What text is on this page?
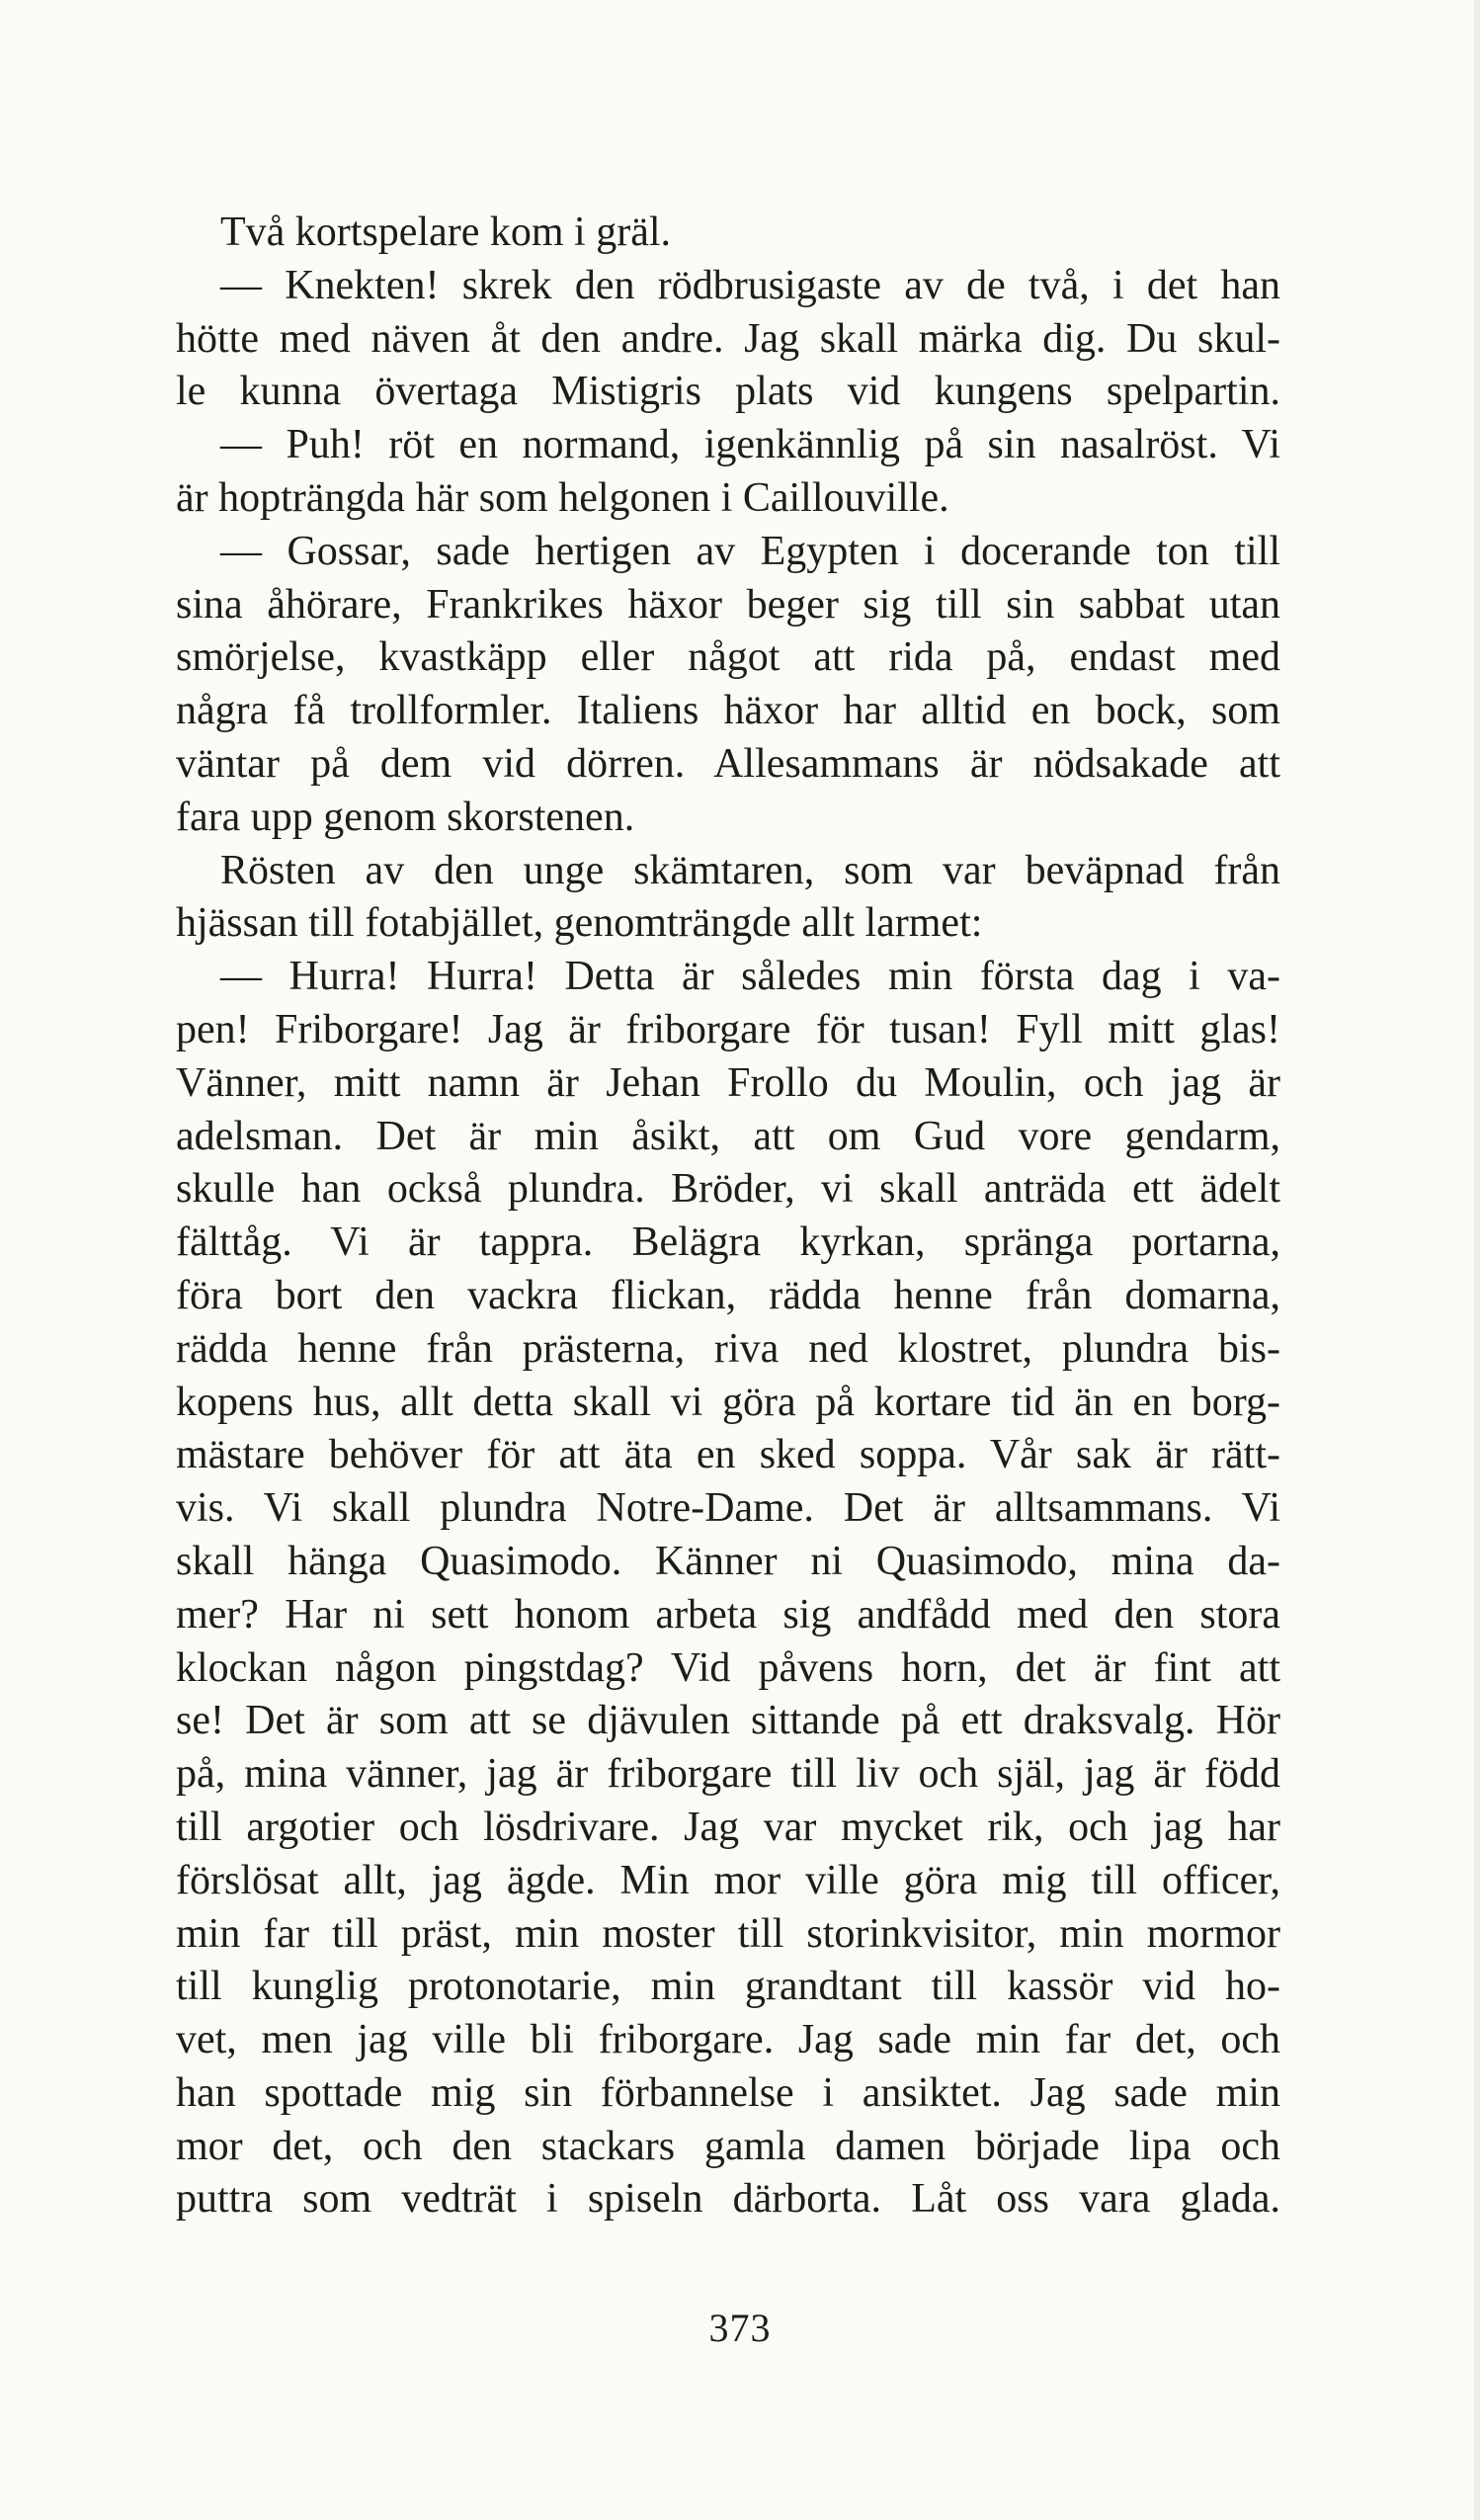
Två kortspelare kom i gräl.
— Knekten! skrek den rödbrusigaste av de två, i det han
hötte med näven åt den andre. Jag skall märka dig. Du skul-
le kunna övertaga Mistigris plats vid kungens spelpartin.
— Puh! röt en normand, igenkännlig på sin nasalröst. Vi
är hopträngda här som helgonen i Caillouville.
— Gossar, sade hertigen av Egypten i docerande ton till
sina åhörare, Frankrikes häxor beger sig till sin sabbat utan
smörjelse, kvastkäpp eller något att rida på, endast med
några få trollformler. Italiens häxor har alltid en bock, som
väntar på dem vid dörren. Allesammans är nödsakade att
fara upp genom skorstenen.
Rösten av den unge skämtaren, som var beväpnad från
hjässan till fotabjället, genomträngde allt larmet:
— Hurra! Hurra! Detta är således min första dag i va-
pen! Friborgare! Jag är friborgare för tusan! Fyll mitt glas!
Vänner, mitt namn är Jehan Frollo du Moulin, och jag är
adelsman. Det är min åsikt, att om Gud vore gendarm,
skulle han också plundra. Bröder, vi skall anträda ett ädelt
fälttåg. Vi är tappra. Belägra kyrkan, spränga portarna,
föra bort den vackra flickan, rädda henne från domarna,
rädda henne från prästerna, riva ned klostret, plundra bis-
kopens hus, allt detta skall vi göra på kortare tid än en borg-
mästare behöver för att äta en sked soppa. Vår sak är rätt-
vis. Vi skall plundra Notre-Dame. Det är alltsammans. Vi
skall hänga Quasimodo. Känner ni Quasimodo, mina da-
mer? Har ni sett honom arbeta sig andfådd med den stora
klockan någon pingstdag? Vid påvens horn, det är fint att
se! Det är som att se djävulen sittande på ett draksvalg. Hör
på, mina vänner, jag är friborgare till liv och själ, jag är född
till argotier och lösdrivare. Jag var mycket rik, och jag har
förslösat allt, jag ägde. Min mor ville göra mig till officer,
min far till präst, min moster till storinkvisitor, min mormor
till kunglig protonotarie, min grandtant till kassör vid ho-
vet, men jag ville bli friborgare. Jag sade min far det, och
han spottade mig sin förbannelse i ansiktet. Jag sade min
mor det, och den stackars gamla damen började lipa och
puttra som vedträt i spiseln därborta. Låt oss vara glada.
373
